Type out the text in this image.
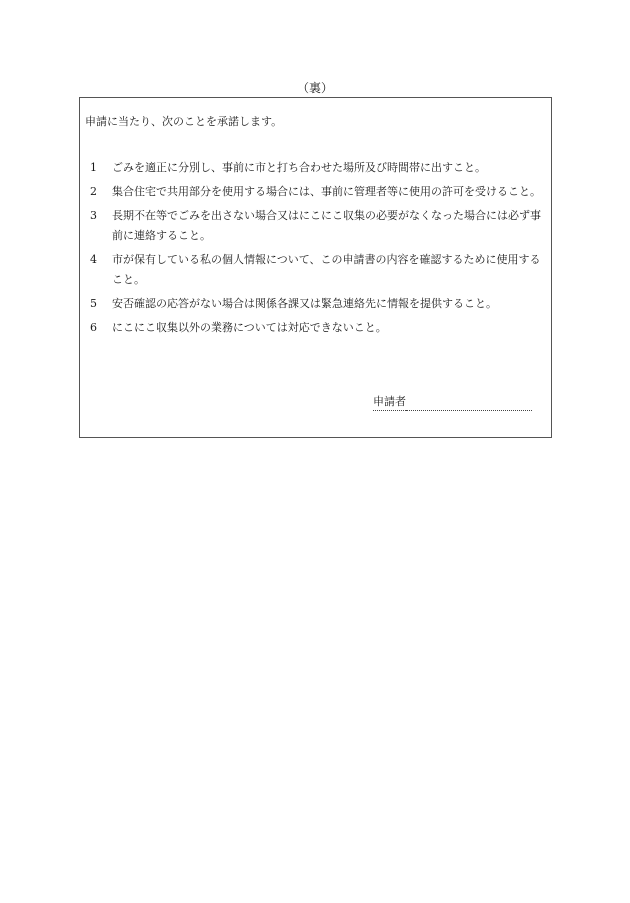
（裏）
申請に当たり、次のことを承諾します。
1	ごみを適正に分別し、事前に市と打ち合わせた場所及び時間帯に出すこと。
2	集合住宅で共用部分を使用する場合には、事前に管理者等に使用の許可を受けること。
3	長期不在等でごみを出さない場合又はにこにこ収集の必要がなくなった場合には必ず事前に連絡すること。
4	市が保有している私の個人情報について、この申請書の内容を確認するために使用すること。
5	安否確認の応答がない場合は関係各課又は緊急連絡先に情報を提供すること。
6	にこにこ収集以外の業務については対応できないこと。
申請者
